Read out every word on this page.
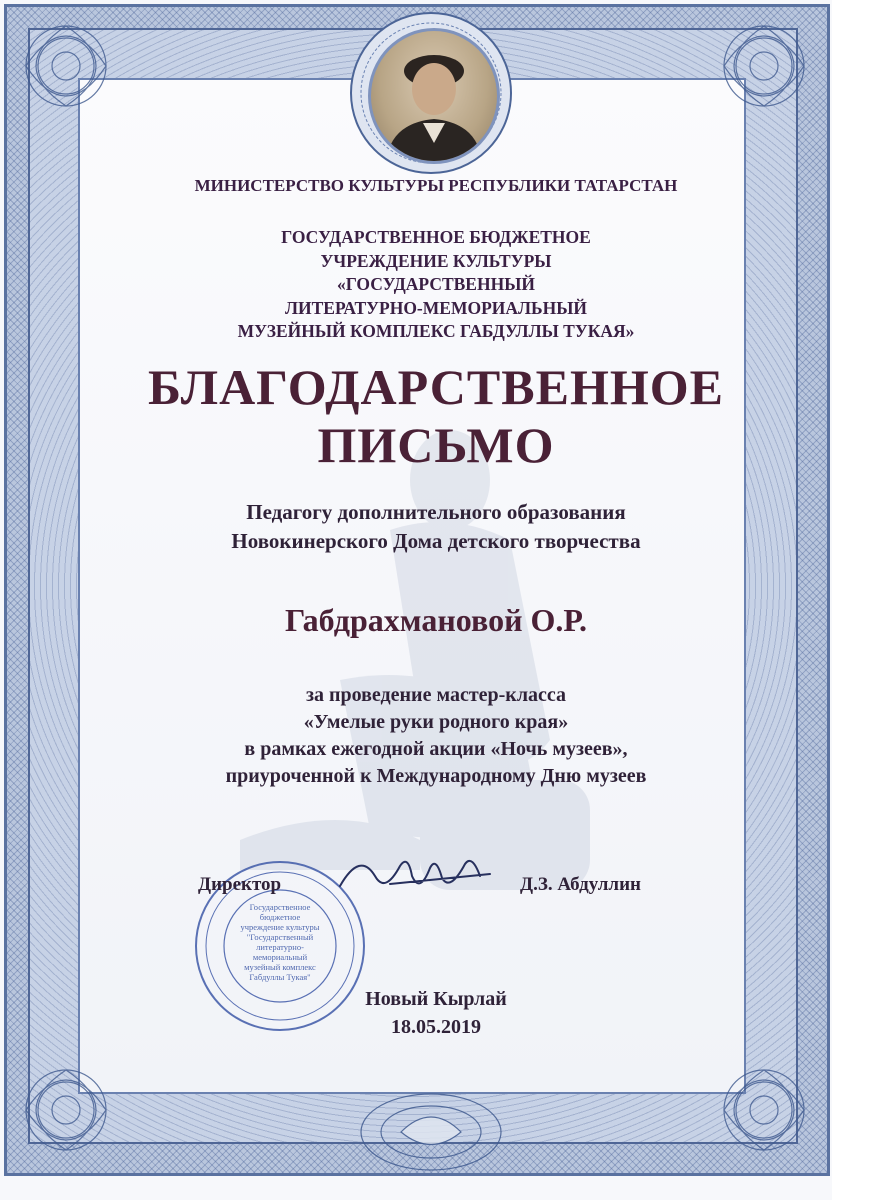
МИНИСТЕРСТВО КУЛЬТУРЫ РЕСПУБЛИКИ ТАТАРСТАН
ГОСУДАРСТВЕННОЕ БЮДЖЕТНОЕ
УЧРЕЖДЕНИЕ КУЛЬТУРЫ
«ГОСУДАРСТВЕННЫЙ
ЛИТЕРАТУРНО-МЕМОРИАЛЬНЫЙ
МУЗЕЙНЫЙ КОМПЛЕКС ГАБДУЛЛЫ ТУКАЯ»
БЛАГОДАРСТВЕННОЕ
ПИСЬМО
Педагогу дополнительного образования
Новокинерского Дома детского творчества
Габдрахмановой О.Р.
за проведение мастер-класса
«Умелые руки родного края»
в рамках ежегодной акции «Ночь музеев»,
приуроченной к Международному Дню музеев
Государственное
бюджетное
учреждение культуры
"Государственный
литературно-
мемориальный
музейный комплекс
Габдуллы Тукая"
Директор	Д.З. Абдуллин
Новый Кырлай
18.05.2019
